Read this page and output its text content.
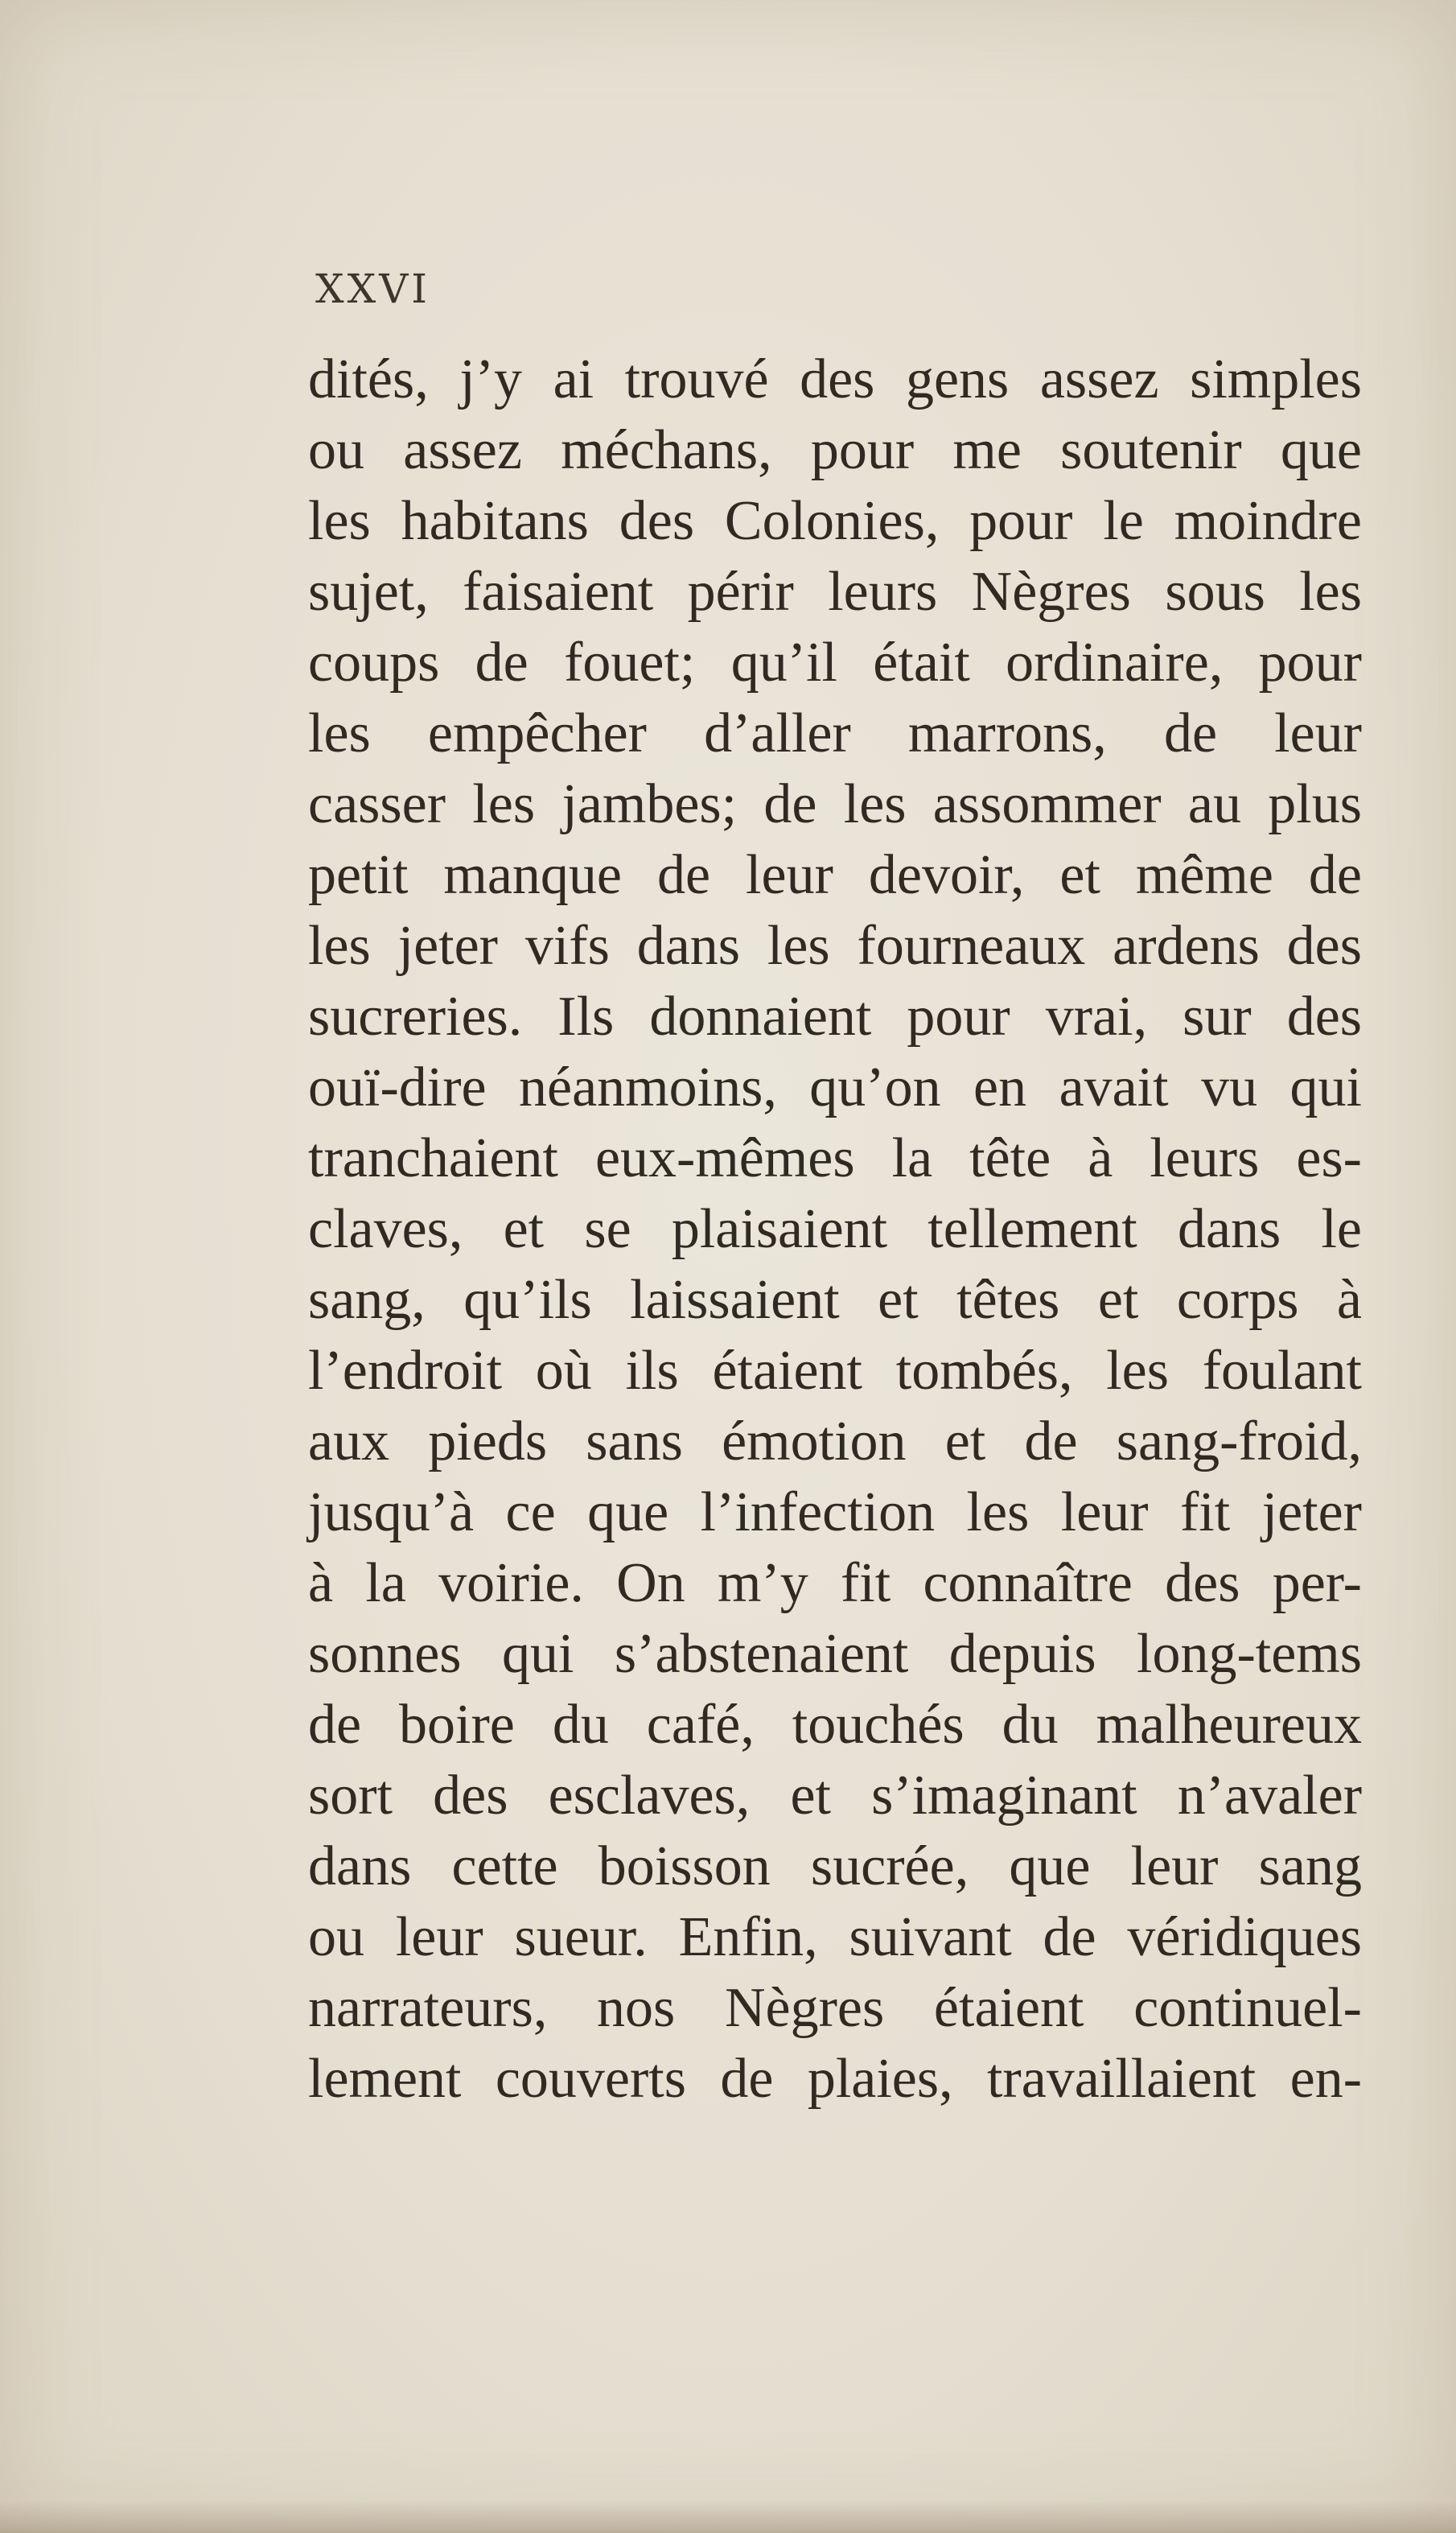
XXVI
dités, j’y ai trouvé des gens assez simples
ou assez méchans, pour me soutenir que
les habitans des Colonies, pour le moindre
sujet, faisaient périr leurs Nègres sous les
coups de fouet; qu’il était ordinaire, pour
les empêcher d’aller marrons, de leur
casser les jambes; de les assommer au plus
petit manque de leur devoir, et même de
les jeter vifs dans les fourneaux ardens des
sucreries. Ils donnaient pour vrai, sur des
ouï-dire néanmoins, qu’on en avait vu qui
tranchaient eux-mêmes la tête à leurs es-
claves, et se plaisaient tellement dans le
sang, qu’ils laissaient et têtes et corps à
l’endroit où ils étaient tombés, les foulant
aux pieds sans émotion et de sang-froid,
jusqu’à ce que l’infection les leur fit jeter
à la voirie. On m’y fit connaître des per-
sonnes qui s’abstenaient depuis long-tems
de boire du café, touchés du malheureux
sort des esclaves, et s’imaginant n’avaler
dans cette boisson sucrée, que leur sang
ou leur sueur. Enfin, suivant de véridiques
narrateurs, nos Nègres étaient continuel-
lement couverts de plaies, travaillaient en-
